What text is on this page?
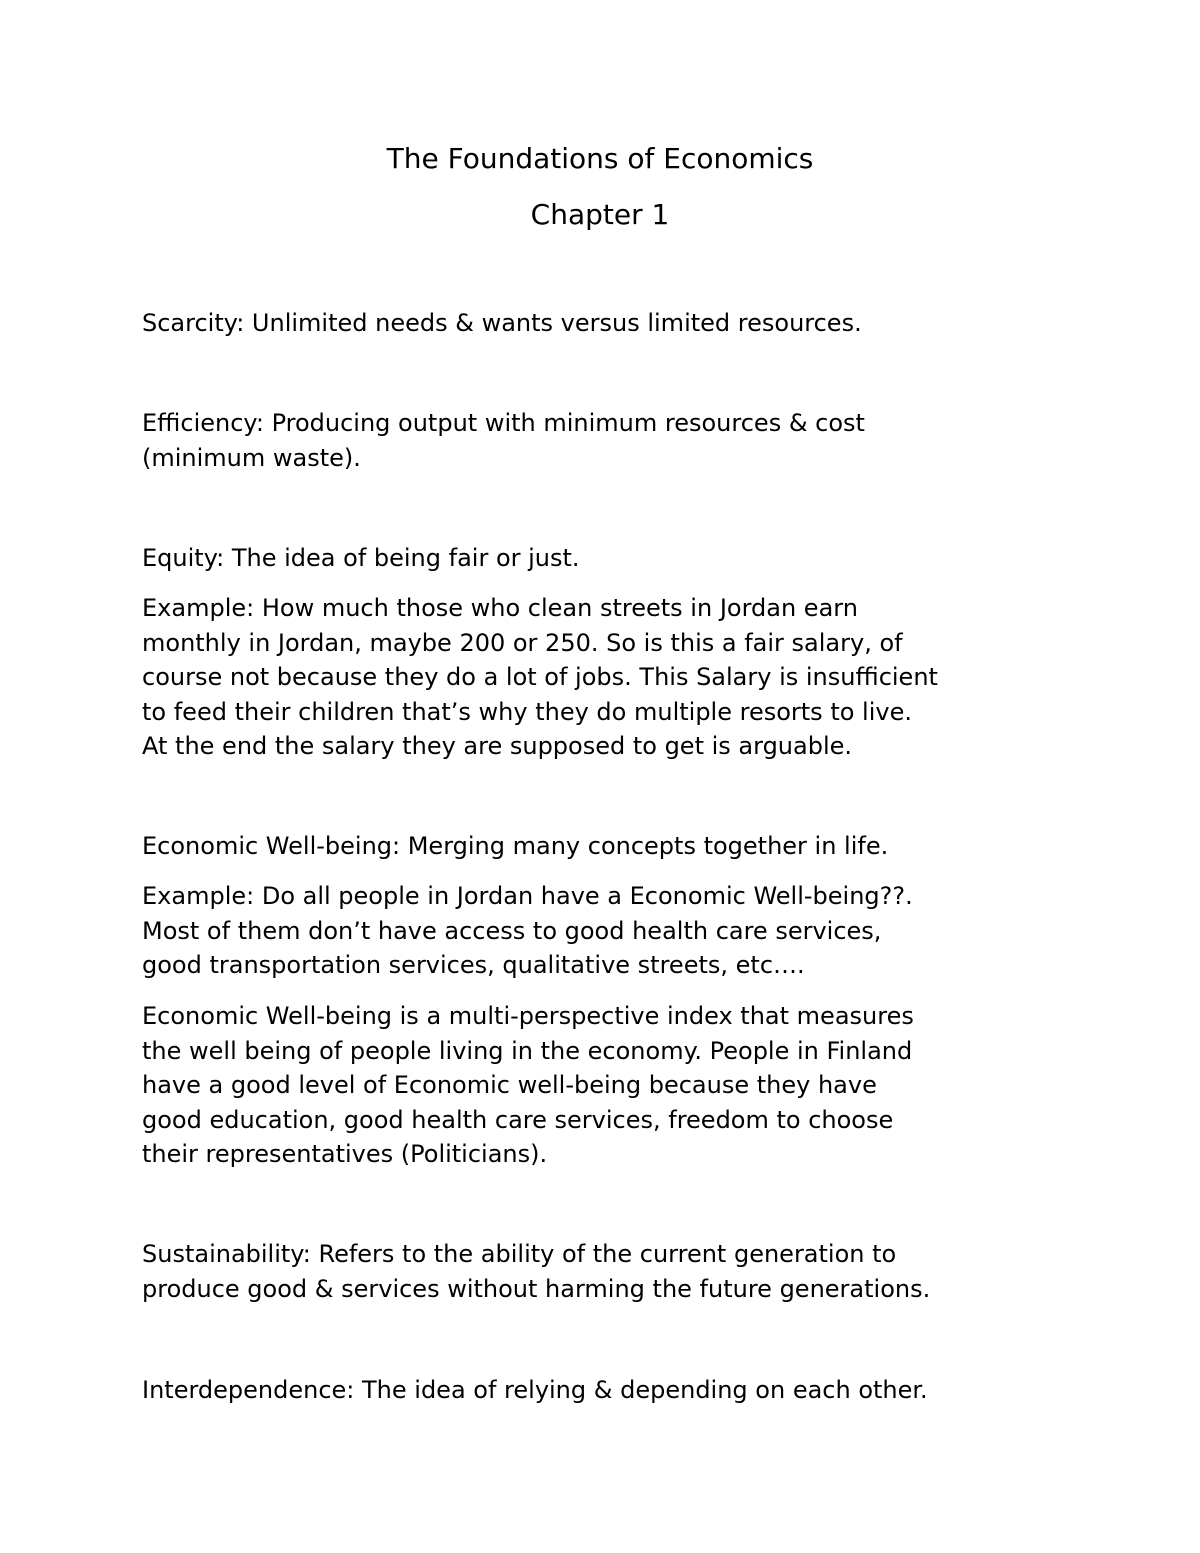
The Foundations of Economics
Chapter 1

Scarcity: Unlimited needs & wants versus limited resources.

Efficiency: Producing output with minimum resources & cost
(minimum waste).

Equity: The idea of being fair or just.

Example: How much those who clean streets in Jordan earn
monthly in Jordan, maybe 200 or 250. So is this a fair salary, of
course not because they do a lot of jobs. This Salary is insufficient
to feed their children that’s why they do multiple resorts to live.
At the end the salary they are supposed to get is arguable.

Economic Well-being: Merging many concepts together in life.

Example: Do all people in Jordan have a Economic Well-being??.
Most of them don’t have access to good health care services,
good transportation services, qualitative streets, etc….

Economic Well-being is a multi-perspective index that measures
the well being of people living in the economy. People in Finland
have a good level of Economic well-being because they have
good education, good health care services, freedom to choose
their representatives (Politicians).

Sustainability: Refers to the ability of the current generation to
produce good & services without harming the future generations.

Interdependence: The idea of relying & depending on each other.
